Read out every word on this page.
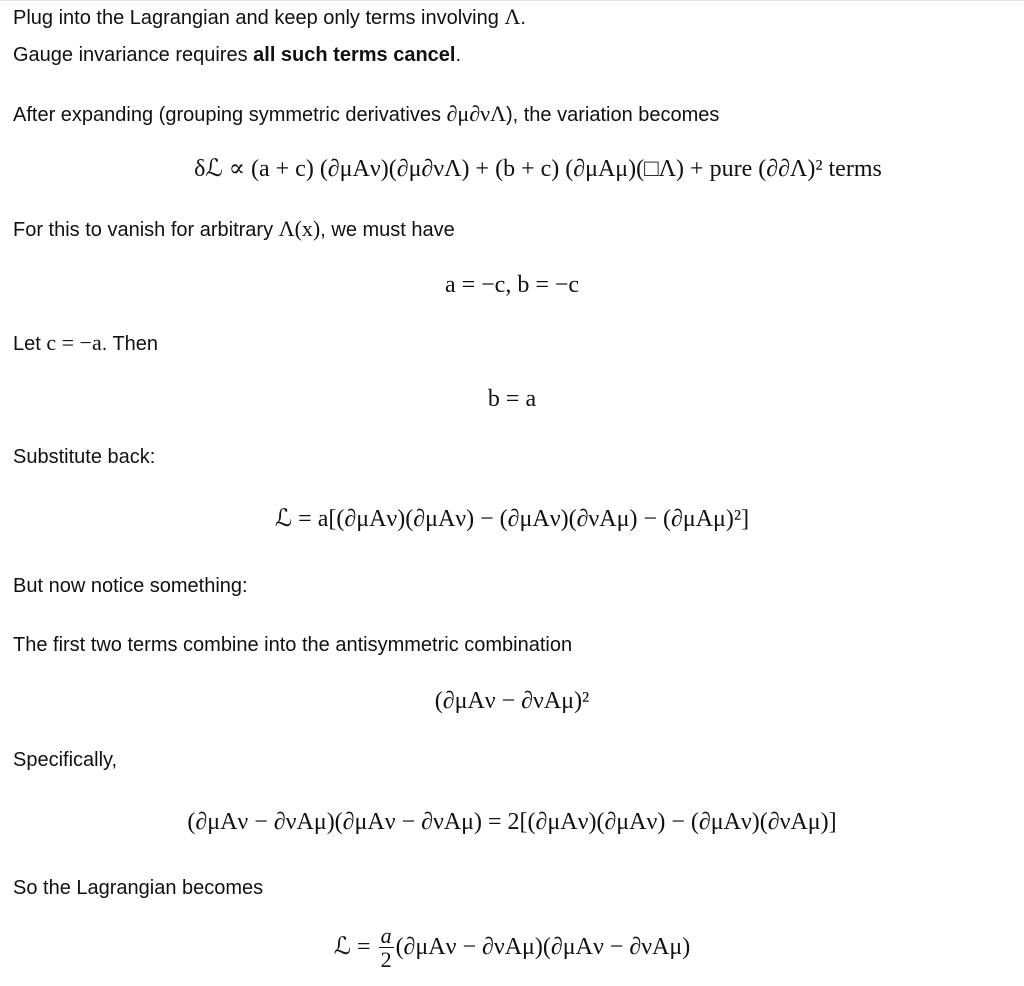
Plug into the Lagrangian and keep only terms involving Λ.
Gauge invariance requires all such terms cancel.
After expanding (grouping symmetric derivatives ∂μ∂νΛ), the variation becomes
δℒ ∝ (a + c) (∂μAν)(∂μ∂νΛ) + (b + c) (∂μAμ)(□Λ) + pure (∂∂Λ)² terms
For this to vanish for arbitrary Λ(x), we must have
a = −c, b = −c
Let c = −a. Then
b = a
Substitute back:
ℒ = a[(∂μAν)(∂μAν) − (∂μAν)(∂νAμ) − (∂μAμ)²]
But now notice something:
The first two terms combine into the antisymmetric combination
(∂μAν − ∂νAμ)²
Specifically,
(∂μAν − ∂νAμ)(∂μAν − ∂νAμ) = 2[(∂μAν)(∂μAν) − (∂μAν)(∂νAμ)]
So the Lagrangian becomes
ℒ = $\frac{a}{2} (\partial\mu A\nu - \partial\nu A\mu)(\partial\mu A\nu - \partial\nu A\mu)$
